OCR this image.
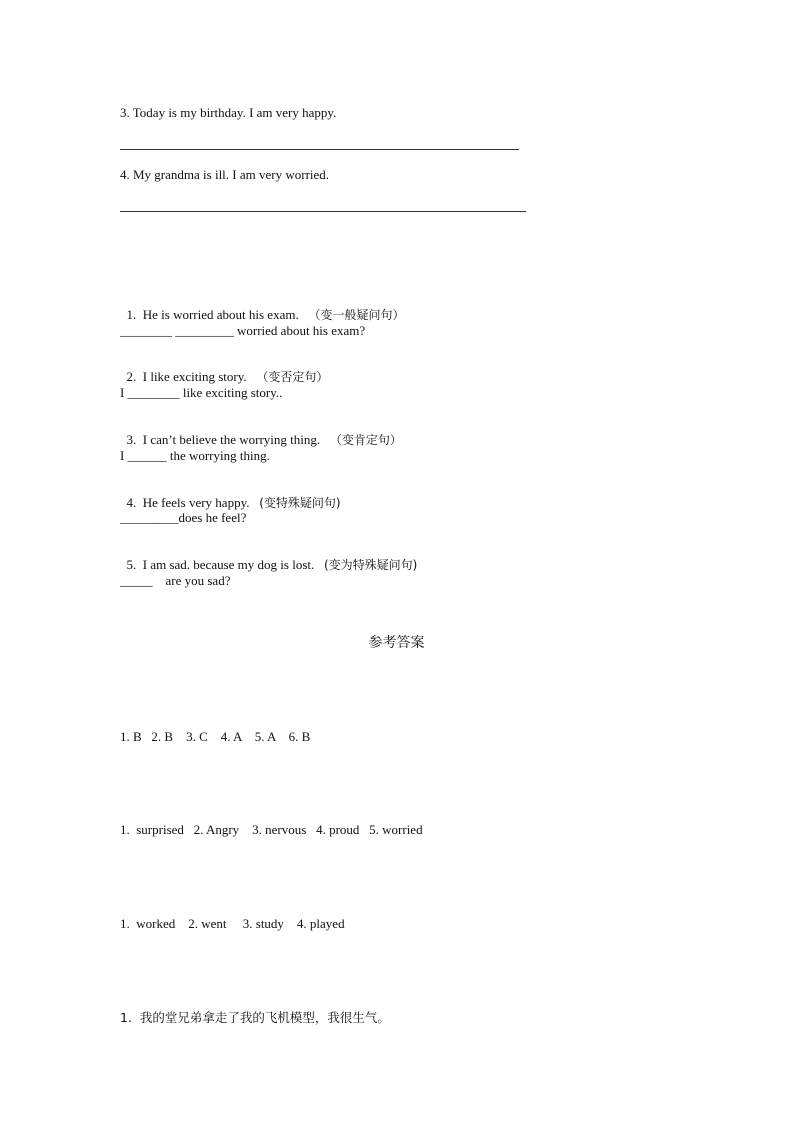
3. Today is my birthday. I am very happy.
4. My grandma is ill. I am very worried.

1.  He is worried about his exam. （变一般疑问句）

________ _________ worried about his exam?

2.  I like exciting story. （变否定句）

I ________ like exciting story..

3.  I can’t believe the worrying thing. （变肯定句）

I ______ the worrying thing.

4.  He feels very happy. (变特殊疑问句)

_________does he feel?

5.  I am sad. because my dog is lost. (变为特殊疑问句)

_____    are you sad?
参考答案
1. B   2. B    3. C    4. A    5. A    6. B
1.  surprised   2. Angry    3. nervous   4. proud   5. worried
1.  worked    2. went     3. study    4. played
1.  我的堂兄弟拿走了我的飞机模型，我很生气。
